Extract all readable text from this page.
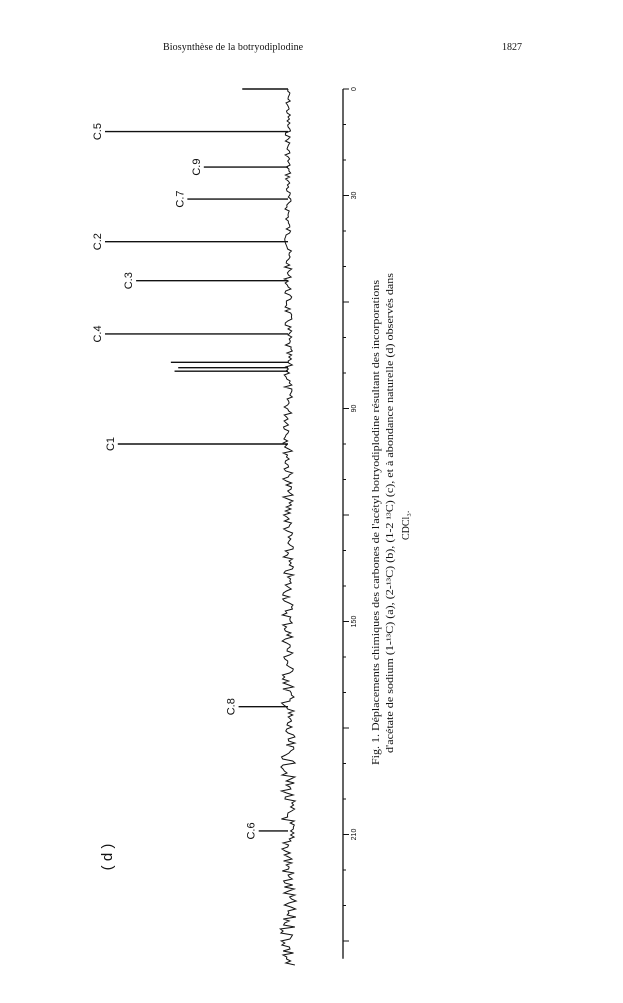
Biosynthèse de la botryodiplodine	1827
0
30
90
150
210
C.5
C.9
C.7
C.2
C.3
C.4
C1
C.8
C.6
( d )
Fig. 1. Déplacements chimiques des carbones de l'acétyl botryodiplodine résultant des incorporations d'acétate de sodium (1-¹³C) (a), (2-¹³C) (b), (1-2 ¹³C) (c), et à abondance naturelle (d) observés dans CDCl₃.
